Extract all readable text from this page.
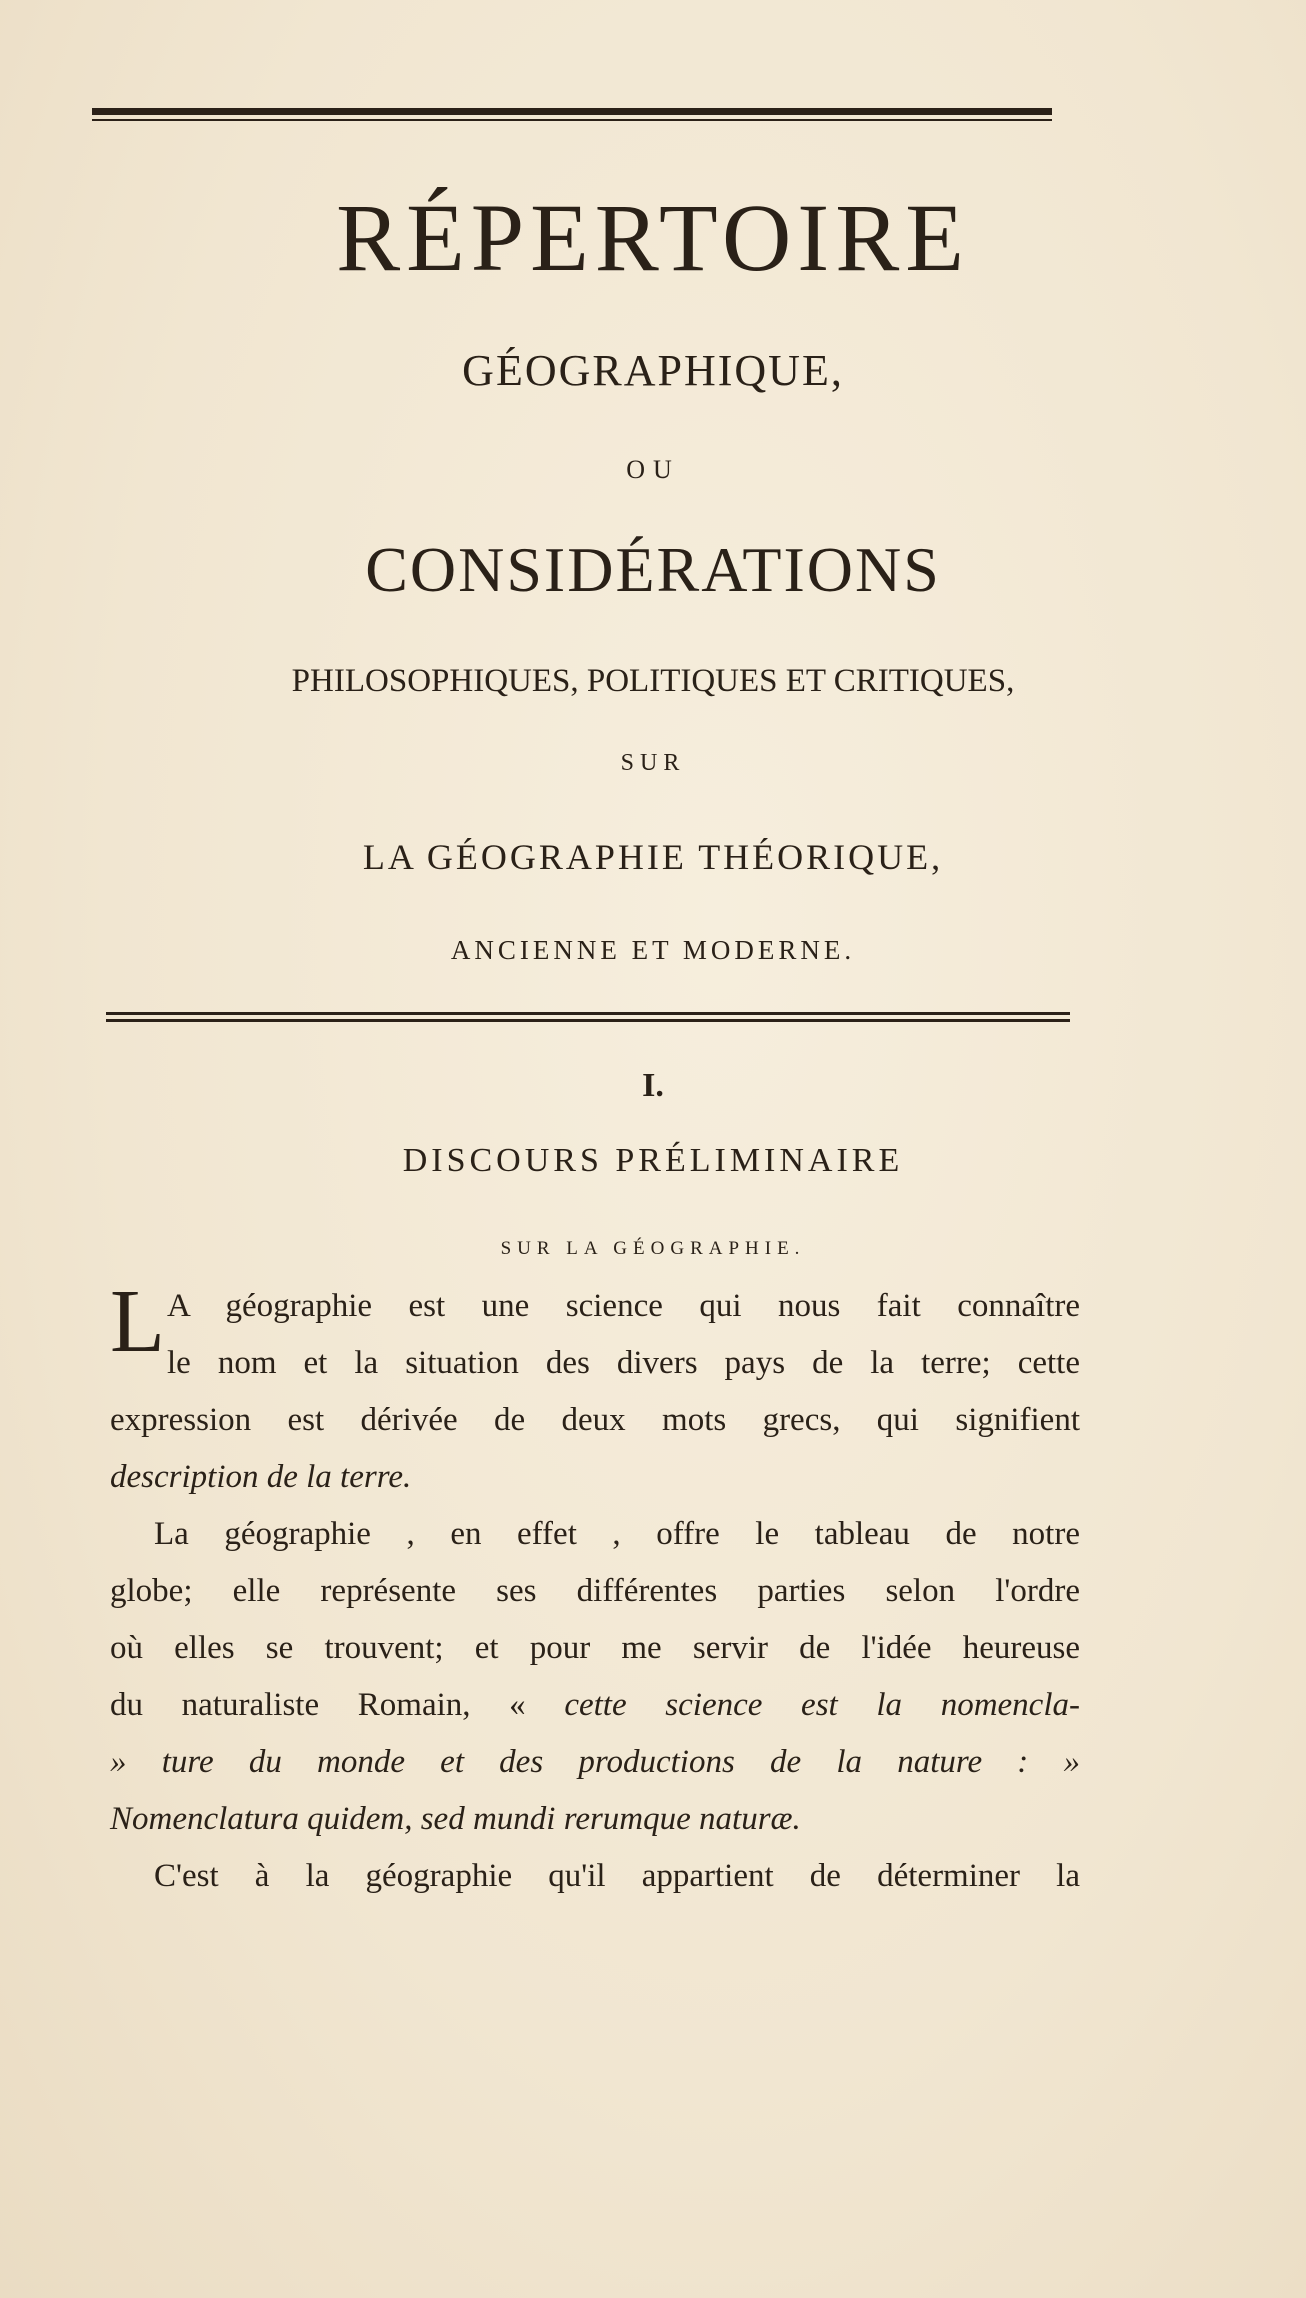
RÉPERTOIRE
GÉOGRAPHIQUE,
OU
CONSIDÉRATIONS
PHILOSOPHIQUES, POLITIQUES ET CRITIQUES,
SUR
LA GÉOGRAPHIE THÉORIQUE,
ANCIENNE ET MODERNE.
I.
DISCOURS PRÉLIMINAIRE
SUR LA GÉOGRAPHIE.
L A géographie est une science qui nous fait connaître
le nom et la situation des divers pays de la terre; cette
expression est dérivée de deux mots grecs, qui signifient
description de la terre.
La géographie , en effet , offre le tableau de notre
globe; elle représente ses différentes parties selon l'ordre
où elles se trouvent; et pour me servir de l'idée heureuse
du naturaliste Romain, « cette science est la nomencla-
» ture du monde et des productions de la nature : »
Nomenclatura quidem, sed mundi rerumque naturæ.
C'est à la géographie qu'il appartient de déterminer la
